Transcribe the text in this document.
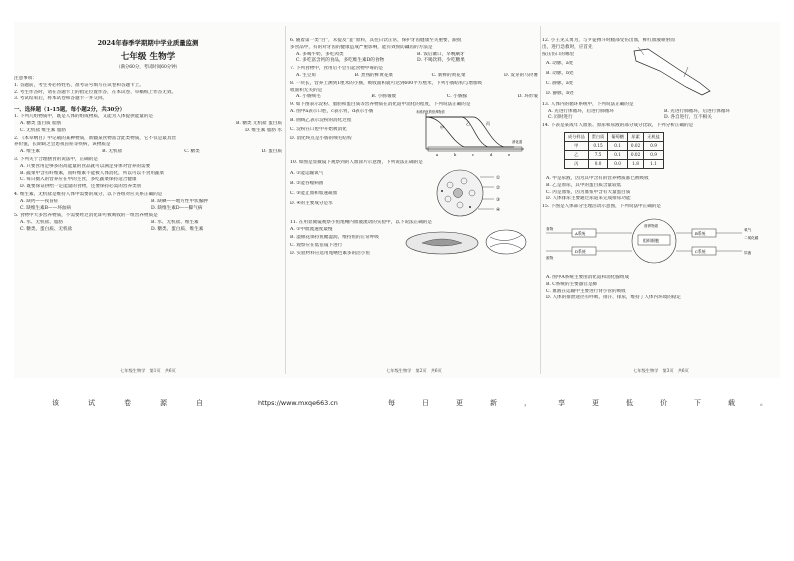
2024年春季学期期中学业质量监测
七年级 生物学
（满分60分，考试时间60分钟）
注意事项：
1. 答题前，考生务必将姓名、准考证号填写在试卷和答题卡上。
2. 考生作答时，请在答题卡上的指定位置作答，在本试卷、草稿纸上作答无效。
3. 考试结束后，将本试卷和答题卡一并交回。
一、选择题（1-15题，每小题2分，共30分）
1. 下列几组物质中，既是人体的组成物质，又能为人体提供能量的是
A. 糖类 蛋白质 脂肪	B. 糖类 无机盐 蛋白质
C. 无机盐 维生素 脂肪	D. 维生素 脂肪 水
2. 《本草纲目》中记载的某种物质，新疆某食物富含此类物质，它不仅是最具营
养价值，长期缺乏会患夜盲症等疾病，该物质是
A. 维生素	B. 无机盐	C. 糖类	D. 蛋白质
3. 下列关于合理膳食的说法中，正确的是
A. 只要食用足够多的高能量的食品就可以满足身体对营养的需要
B. 蔬菜中含有纤维素，而纤维素不能被人体消化，所以可以不食用蔬菜
C. 每日摄入的营养应在中的主食，多吃蔬菜保持适合健康
D. 既要保证供给一定能量的食物，还要保持必需的营养类别
4. 维生素、无机盐是维持人体中需要的成分，以下各组对应关系正确的是
A. 缺钙——夜盲症	B. 缺碘——地方性甲状腺肿
C. 缺维生素B——坏血病	D. 缺维生素D——脚气病
5. 食物中大多营养物质，不需要经过消化即可被吸收的一组营养物质是
A. 水、无机盐、脂肪	B. 水、无机盐、维生素
C. 糖类、蛋白质、无机盐	D. 糖类、蛋白质、维生素
七年级生物学　第1页　共6页
6. 随着第一类“白”，未提及“韭”原料，其往日饮正常，保护牙齿健康至关重要，跟很
多食品中，有的对牙齿的健康造成严重影响，能有效预防龋齿的方法是
A. 多喝牛奶，多吃肉类	B. 饭后漱口，早晚刷牙
C. 多吃富含钙的食品，多吃维生素D的食物	D. 不喝饮料，少吃糖果
7. 下列食物中，食用后不会引起食物中毒的是
A. 生豆角	B. 煮熟的鲜黄花菜	C. 新鲜的黄花菜	D. 发芽的马铃薯
8. 一块长，营养上测到1厘米的小肠，吸收面积就可达到600平方厘米，下列小肠结构与增加吸
收面积无关的是
A. 小肠绒毛	B. 小肠皱襞	C. 小肠腺	D. 环形皱
9. 如下图表示淀粉、脂肪和蛋白质等营养物质在消化道中消化的程度，下列说法正确的是
A. 图中a表示口腔，c表示胃，d表示小肠
B. 曲线乙表示淀粉的消化过程
C. 淀粉在口腔中开始被消化
D. 消化终点是小肠的绒毛结构
甲
乙	丙
a	b	c	d	e
未被消化的营养物质
消化道
10. 如图是显微镜下观察到的人血涂片示意图，下列说法正确的是
A. ①能运输氧气
B. ②能吞噬病菌
C. ③能止血和加速凝血
D. ④的主要成分是水
①
②
③
④
11. 在用显微镜观察小鱼尾鳍内血液流动的实验中，以下说法正确的是
A. ①中血流速度最慢
B. 湿棉花保持鱼鳃湿润，维持鱼的正常呼吸
C. 观察应在低倍镜下进行
D. 实验材料应选用尾鳍色素多的活小鱼
七年级生物学　第2页　共6页
12. 小王见义勇为，与歹徒搏斗时腿部受伤出血，鲜红血液喷射而出，进行急救时，应首先
按压伤口的哪里
A. 动脉，a处
B. 动脉，b处
C. 静脉，a处
D. 静脉，b处
13. 人体内的循环系统中，下列说法正确的是
A. 先进行体循环，后进行肺循环	B. 先进行肺循环，后进行体循环
C. 同时进行	D. 各自进行，互不相关
14. 下表是某成年人血浆、原尿和尿液的部分成分比较，下列分析正确的是
成分样品	蛋白质	葡萄糖	尿素	无机盐
甲	0.15	0.1	0.02	0.9
乙	7.5	0.1	0.02	0.9
丙	0.0	0.0	1.8	1.1
A. 甲是尿液，因为其中含有的营养物质都已被吸收
B. 乙是原尿，其中的蛋白质含量较低
C. 丙是血浆，因为血浆中含有大量蛋白质
D. 人体排尿主要通过尿道来完成排尿功能
15. 下图是人体部分生理活动示意图，下列说法中正确的是
组织细胞
营养物质
A系统	B系统
C系统
D系统
食物
废物
氧气
二氧化碳
尿液
A. 图中A系统主要由消化道和消化腺组成
B. C系统的主要器官是肺
C. 血液在运输中主要进行肾小管的吸收
D. 人体的排泄途径有呼吸、排汗、排尿，维持了人体内环境的稳定
七年级生物学　第3页　共6页
该	试	卷	源	自	https://www.mxqe663.cn	每	日	更	新	，	享	更	低	价	下	载	。
